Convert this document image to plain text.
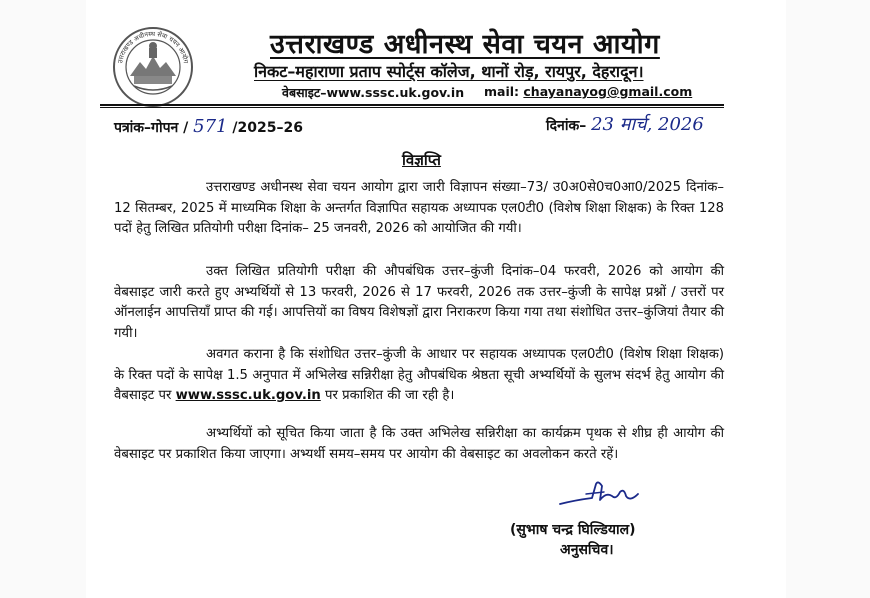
उत्तराखण्ड अधीनस्थ सेवा चयन आयोग
उत्तराखण्ड अधीनस्थ सेवा चयन आयोग
निकट–महाराणा प्रताप स्पोर्ट्स कॉलेज, थानों रोड़, रायपुर, देहरादून।
वेबसाइट–www.sssc.uk.gov.in mail: chayanayog@gmail.com
पत्रांक–गोपन / 571 /2025–26	दिनांक– 23 मार्च, 2026
विज्ञप्ति
उत्तराखण्ड अधीनस्थ सेवा चयन आयोग द्वारा जारी विज्ञापन संख्या–73/ उ0अ0से0च0आ0/2025 दिनांक–12 सितम्बर, 2025 में माध्यमिक शिक्षा के अन्तर्गत विज्ञापित सहायक अध्यापक एल0टी0 (विशेष शिक्षा शिक्षक) के रिक्त 128 पदों हेतु लिखित प्रतियोगी परीक्षा दिनांक– 25 जनवरी, 2026 को आयोजित की गयी।
उक्त लिखित प्रतियोगी परीक्षा की औपबंधिक उत्तर–कुंजी दिनांक–04 फरवरी, 2026 को आयोग की वेबसाइट जारी करते हुए अभ्यर्थियों से 13 फरवरी, 2026 से 17 फरवरी, 2026 तक उत्तर–कुंजी के सापेक्ष प्रश्नों / उत्तरों पर ऑनलाईन आपत्तियाँ प्राप्त की गई। आपत्तियों का विषय विशेषज्ञों द्वारा निराकरण किया गया तथा संशोधित उत्तर–कुंजियां तैयार की गयी।
अवगत कराना है कि संशोधित उत्तर–कुंजी के आधार पर सहायक अध्यापक एल0टी0 (विशेष शिक्षा शिक्षक) के रिक्त पदों के सापेक्ष 1.5 अनुपात में अभिलेख सन्निरीक्षा हेतु औपबंधिक श्रेष्ठता सूची अभ्यर्थियों के सुलभ संदर्भ हेतु आयोग की वैबसाइट पर www.sssc.uk.gov.in पर प्रकाशित की जा रही है।
अभ्यर्थियों को सूचित किया जाता है कि उक्त अभिलेख सन्निरीक्षा का कार्यक्रम पृथक से शीघ्र ही आयोग की वेबसाइट पर प्रकाशित किया जाएगा। अभ्यर्थी समय–समय पर आयोग की वेबसाइट का अवलोकन करते रहें।
(सुभाष चन्द्र घिल्डियाल)
अनुसचिव।
